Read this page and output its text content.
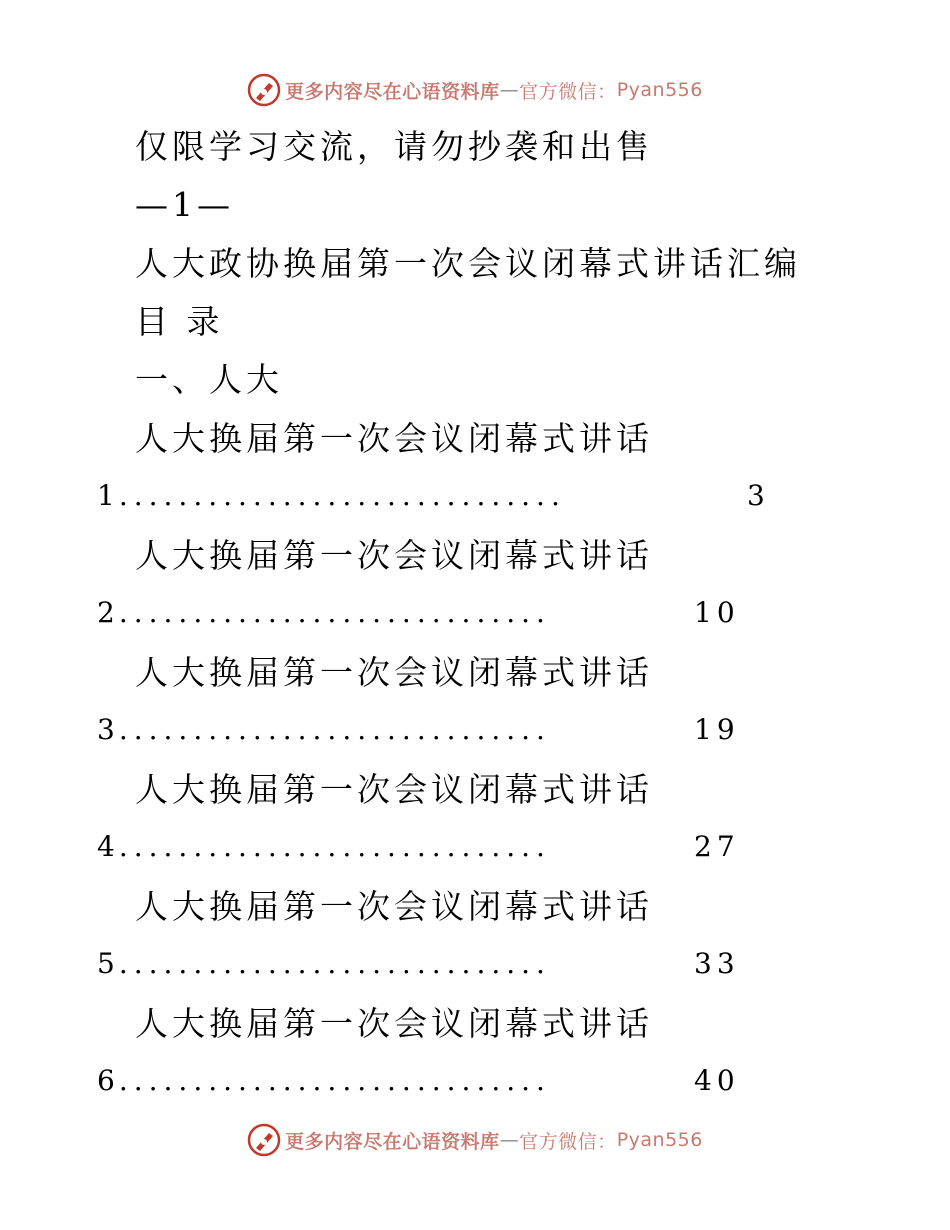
更多内容尽在心语资料库 — 官方微信： Pyan556
仅限学习交流，请勿抄袭和出售
—1—
人大政协换届第一次会议闭幕式讲话汇编
目 录
一、人大
人大换届第一次会议闭幕式讲话
1..............................	3
人大换届第一次会议闭幕式讲话
2.............................	10
人大换届第一次会议闭幕式讲话
3.............................	19
人大换届第一次会议闭幕式讲话
4.............................	27
人大换届第一次会议闭幕式讲话
5.............................	33
人大换届第一次会议闭幕式讲话
6.............................	40
更多内容尽在心语资料库 — 官方微信： Pyan556
